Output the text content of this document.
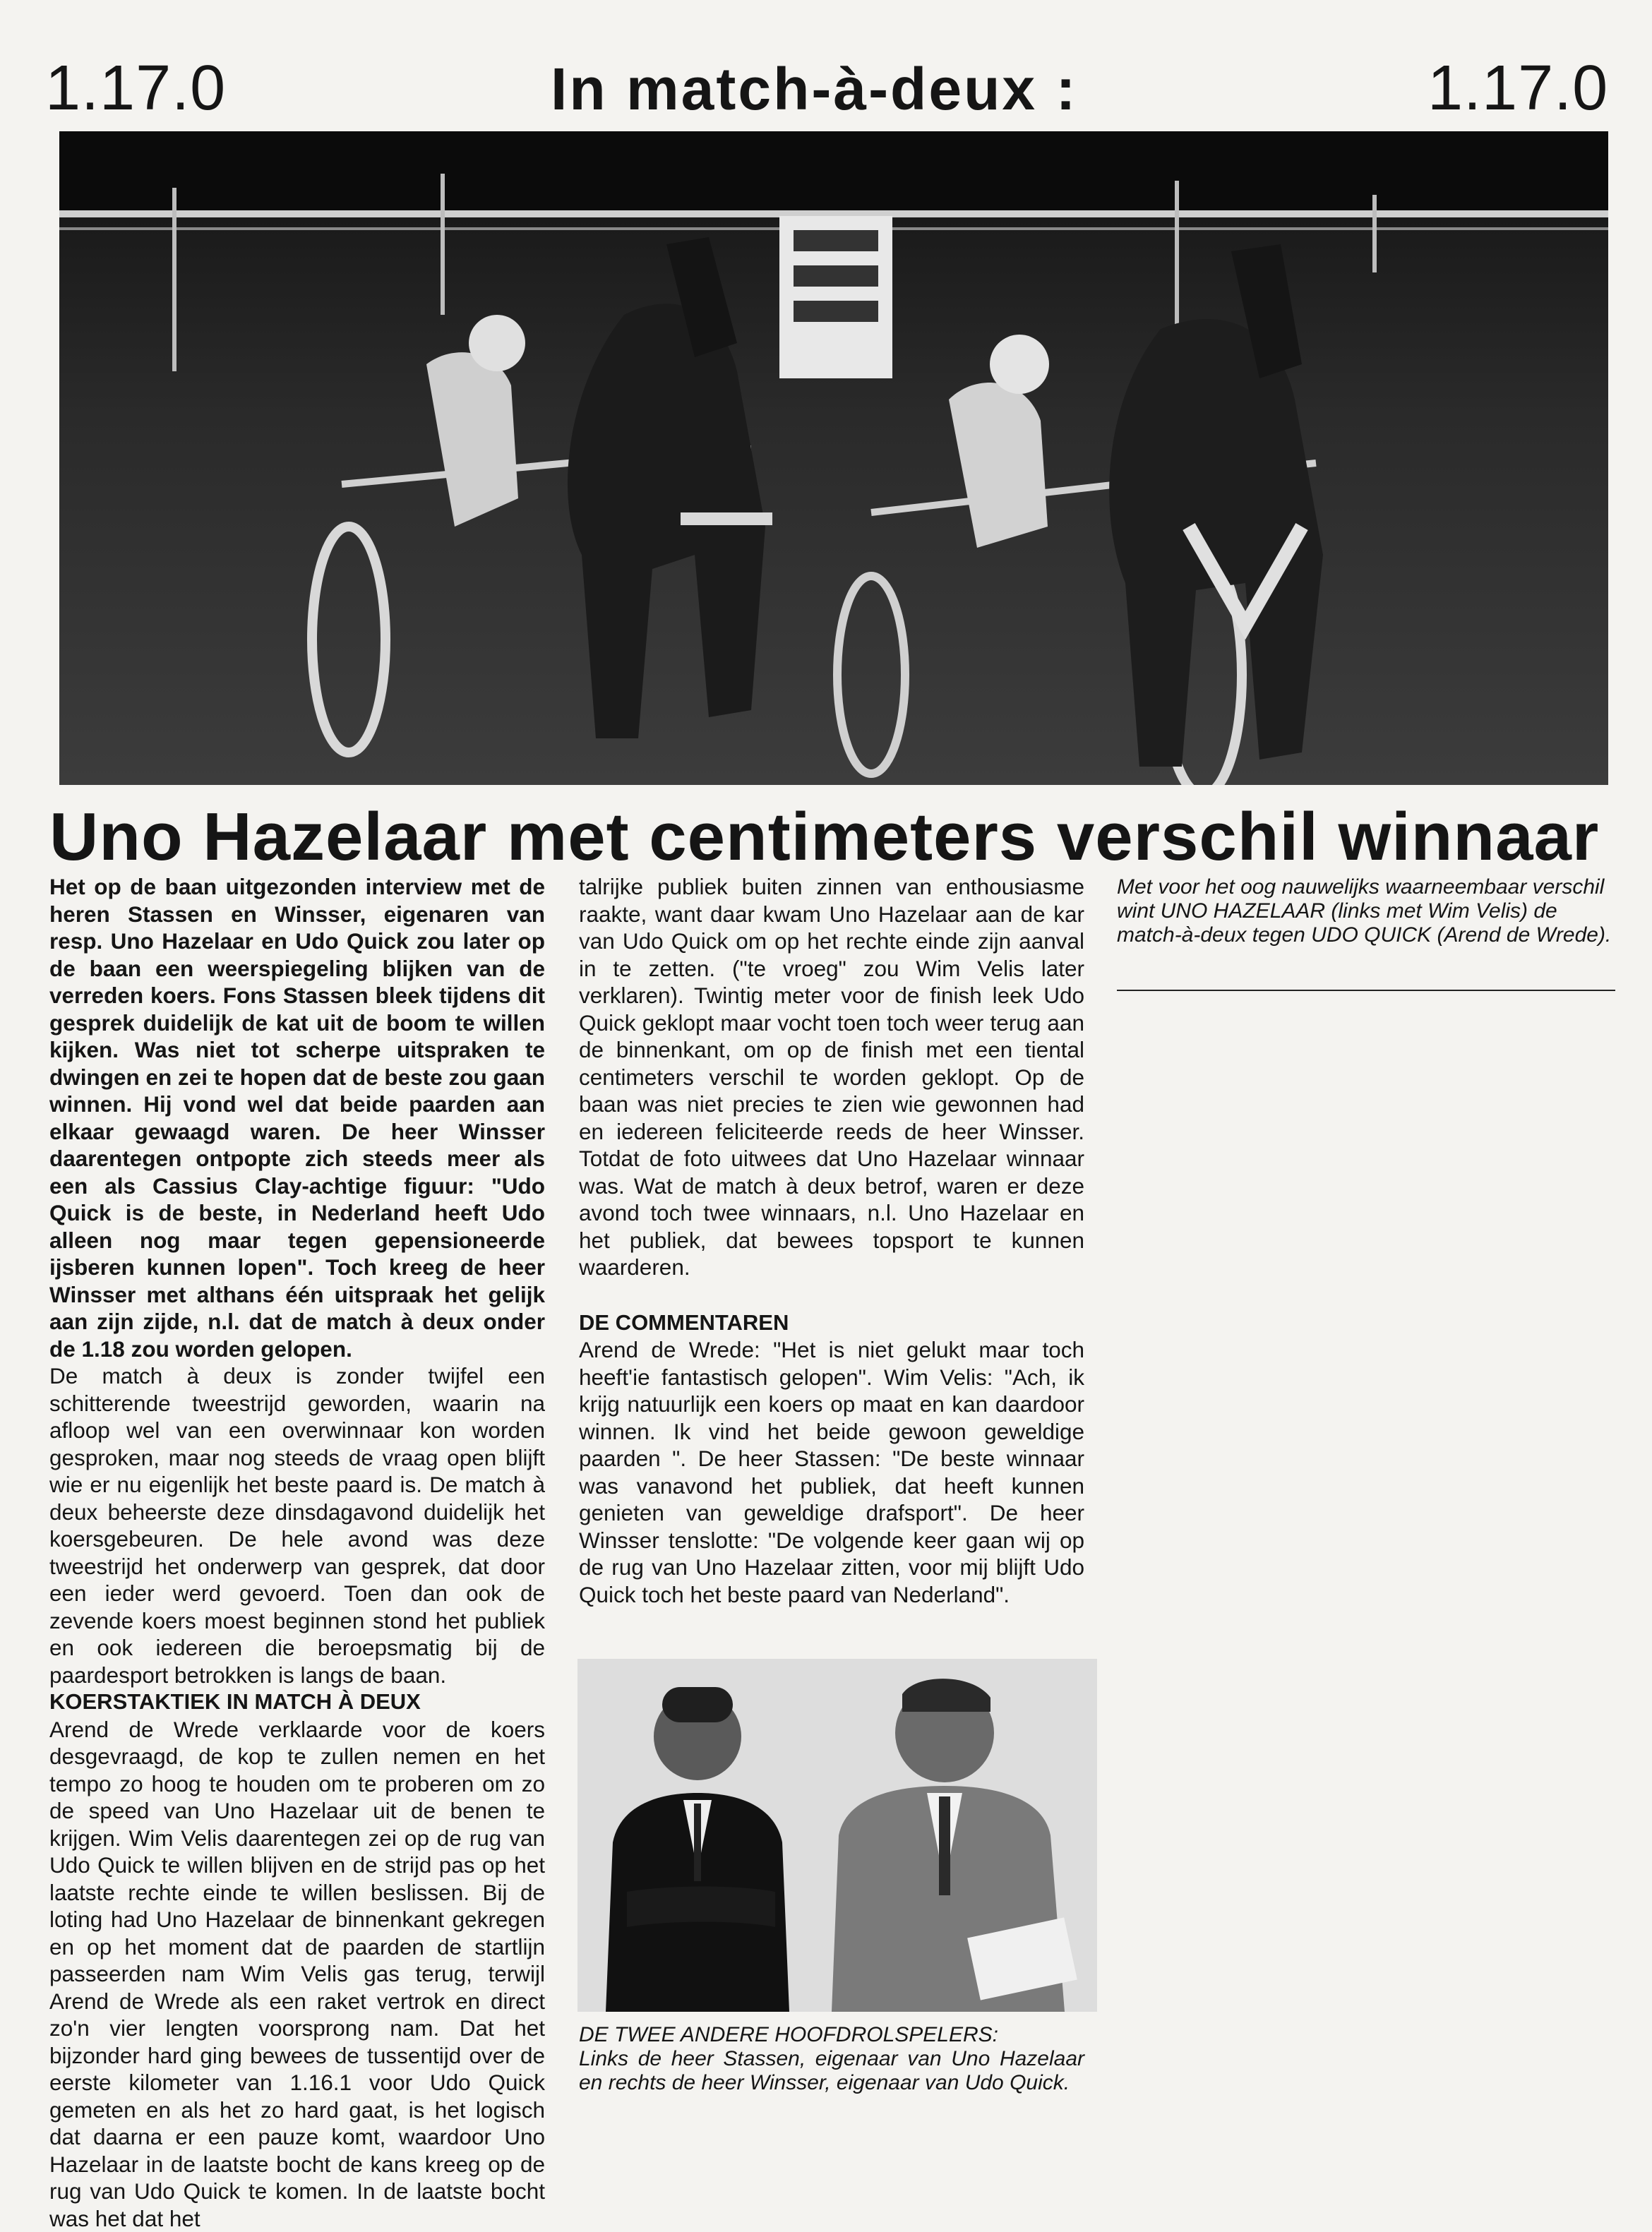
1.17.0	In match-à-deux :	1.17.0
Uno Hazelaar met centimeters verschil winnaar

Het op de baan uitgezonden interview met de heren Stassen en Winsser, eigenaren van resp. Uno Hazelaar en Udo Quick zou later op de baan een weerspiegeling blijken van de verreden koers. Fons Stassen bleek tijdens dit gesprek duidelijk de kat uit de boom te willen kijken. Was niet tot scherpe uitspraken te dwingen en zei te hopen dat de beste zou gaan winnen. Hij vond wel dat beide paarden aan elkaar gewaagd waren. De heer Winsser daarentegen ontpopte zich steeds meer als een als Cassius Clay-achtige figuur: "Udo Quick is de beste, in Nederland heeft Udo alleen nog maar tegen gepensioneerde ijsberen kunnen lopen". Toch kreeg de heer Winsser met althans één uitspraak het gelijk aan zijn zijde, n.l. dat de match à deux onder de 1.18 zou worden gelopen.

De match à deux is zonder twijfel een schitterende tweestrijd geworden, waarin na afloop wel van een overwinnaar kon worden gesproken, maar nog steeds de vraag open blijft wie er nu eigenlijk het beste paard is. De match à deux beheerste deze dinsdagavond duidelijk het koersgebeuren. De hele avond was deze tweestrijd het onderwerp van gesprek, dat door een ieder werd gevoerd. Toen dan ook de zevende koers moest beginnen stond het publiek en ook iedereen die beroepsmatig bij de paardesport betrokken is langs de baan.

KOERSTAKTIEK IN MATCH À DEUX

Arend de Wrede verklaarde voor de koers desgevraagd, de kop te zullen nemen en het tempo zo hoog te houden om te proberen om zo de speed van Uno Hazelaar uit de benen te krijgen. Wim Velis daarentegen zei op de rug van Udo Quick te willen blijven en de strijd pas op het laatste rechte einde te willen beslissen. Bij de loting had Uno Hazelaar de binnenkant gekregen en op het moment dat de paarden de startlijn passeerden nam Wim Velis gas terug, terwijl Arend de Wrede als een raket vertrok en direct zo'n vier lengten voorsprong nam. Dat het bijzonder hard ging bewees de tussentijd over de eerste kilometer van 1.16.1 voor Udo Quick gemeten en als het zo hard gaat, is het logisch dat daarna er een pauze komt, waardoor Uno Hazelaar in de laatste bocht de kans kreeg op de rug van Udo Quick te komen. In de laatste bocht was het dat het

talrijke publiek buiten zinnen van enthousiasme raakte, want daar kwam Uno Hazelaar aan de kar van Udo Quick om op het rechte einde zijn aanval in te zetten. ("te vroeg" zou Wim Velis later verklaren). Twintig meter voor de finish leek Udo Quick geklopt maar vocht toen toch weer terug aan de binnenkant, om op de finish met een tiental centimeters verschil te worden geklopt. Op de baan was niet precies te zien wie gewonnen had en iedereen feliciteerde reeds de heer Winsser. Totdat de foto uitwees dat Uno Hazelaar winnaar was. Wat de match à deux betrof, waren er deze avond toch twee winnaars, n.l. Uno Hazelaar en het publiek, dat bewees topsport te kunnen waarderen.

DE COMMENTAREN

Arend de Wrede: "Het is niet gelukt maar toch heeft'ie fantastisch gelopen". Wim Velis: "Ach, ik krijg natuurlijk een koers op maat en kan daardoor winnen. Ik vind het beide gewoon geweldige paarden ". De heer Stassen: "De beste winnaar was vanavond het publiek, dat heeft kunnen genieten van geweldige drafsport". De heer Winsser tenslotte: "De volgende keer gaan wij op de rug van Uno Hazelaar zitten, voor mij blijft Udo Quick toch het beste paard van Nederland".

Met voor het oog nauwelijks waarneembaar verschil wint UNO HAZELAAR (links met Wim Velis) de match-à-deux tegen UDO QUICK (Arend de Wrede).
DE TWEE ANDERE HOOFDROLSPELERS:
Links de heer Stassen, eigenaar van Uno Hazelaar en rechts de heer Winsser, eigenaar van Udo Quick.
